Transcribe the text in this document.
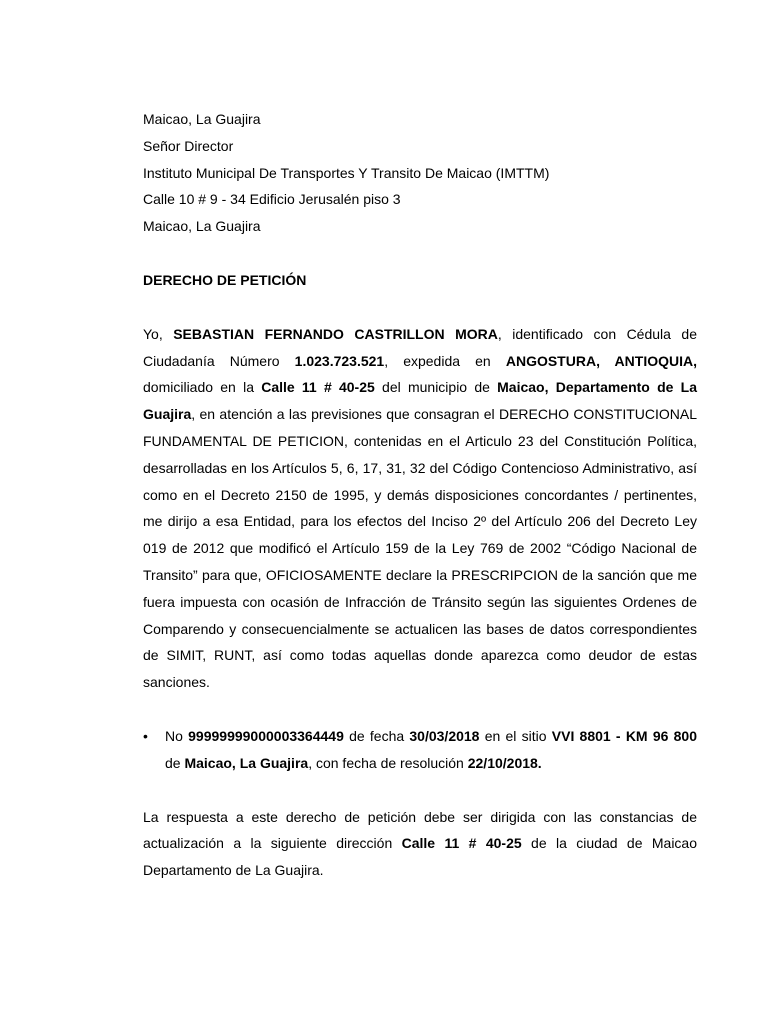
Maicao, La Guajira
Señor Director
Instituto Municipal De Transportes Y Transito De Maicao (IMTTM)
Calle 10 # 9 - 34 Edificio Jerusalén piso 3
Maicao, La Guajira
DERECHO DE PETICIÓN

Yo, SEBASTIAN FERNANDO CASTRILLON MORA, identificado con Cédula de Ciudadanía Número 1.023.723.521, expedida en ANGOSTURA, ANTIOQUIA, domiciliado en la Calle 11 # 40-25 del municipio de Maicao, Departamento de La Guajira, en atención a las previsiones que consagran el DERECHO CONSTITUCIONAL FUNDAMENTAL DE PETICION, contenidas en el Articulo 23 del Constitución Política, desarrolladas en los Artículos 5, 6, 17, 31, 32 del Código Contencioso Administrativo, así como en el Decreto 2150 de 1995, y demás disposiciones concordantes / pertinentes, me dirijo a esa Entidad, para los efectos del Inciso 2º del Artículo 206 del Decreto Ley 019 de 2012 que modificó el Artículo 159 de la Ley 769 de 2002 “Código Nacional de Transito” para que, OFICIOSAMENTE declare la PRESCRIPCION de la sanción que me fuera impuesta con ocasión de Infracción de Tránsito según las siguientes Ordenes de Comparendo y consecuencialmente se actualicen las bases de datos correspondientes de SIMIT, RUNT, así como todas aquellas donde aparezca como deudor de estas sanciones.

• No 99999999000003364449 de fecha 30/03/2018 en el sitio VVI 8801 - KM 96 800 de Maicao, La Guajira, con fecha de resolución 22/10/2018.

La respuesta a este derecho de petición debe ser dirigida con las constancias de actualización a la siguiente dirección Calle 11 # 40-25 de la ciudad de Maicao Departamento de La Guajira.
